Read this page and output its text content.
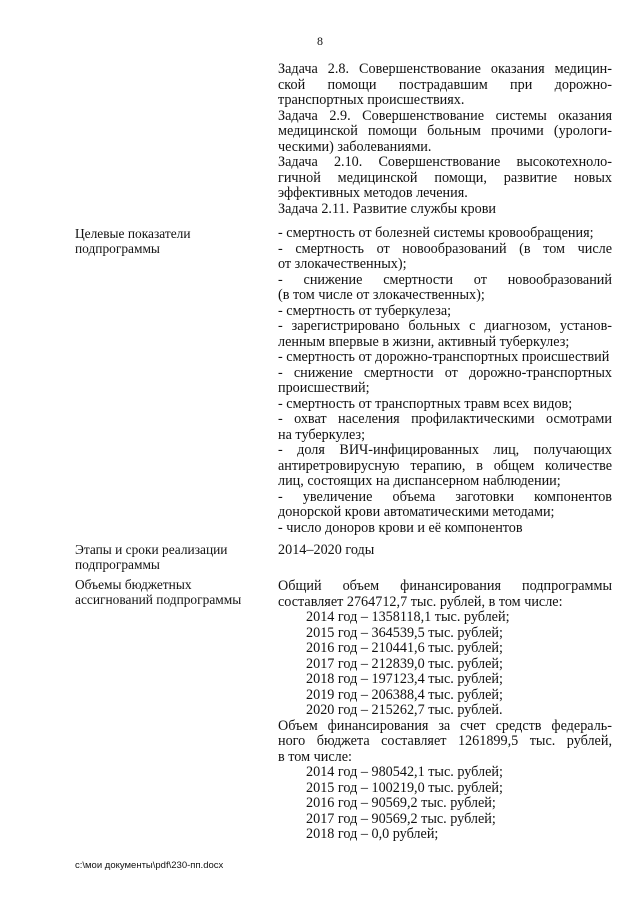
8
Задача 2.8. Совершенствование оказания медицин-
ской помощи пострадавшим при дорожно-
транспортных происшествиях.
Задача 2.9. Совершенствование системы оказания
медицинской помощи больным прочими (урологи-
ческими) заболеваниями.
Задача 2.10. Совершенствование высокотехноло-
гичной медицинской помощи, развитие новых
эффективных методов лечения.
Задача 2.11. Развитие службы крови
Целевые показатели
подпрограммы
- смертность от болезней системы кровообращения;
- смертность от новообразований (в том числе
от злокачественных);
- снижение смертности от новообразований
(в том числе от злокачественных);
- смертность от туберкулеза;
- зарегистрировано больных с диагнозом, установ-
ленным впервые в жизни, активный туберкулез;
- смертность от дорожно-транспортных происшествий
- снижение смертности от дорожно-транспортных
происшествий;
- смертность от транспортных травм всех видов;
- охват населения профилактическими осмотрами
на туберкулез;
- доля ВИЧ-инфицированных лиц, получающих
антиретровирусную терапию, в общем количестве
лиц, состоящих на диспансерном наблюдении;
- увеличение объема заготовки компонентов
донорской крови автоматическими методами;
- число доноров крови и её компонентов
Этапы и сроки реализации
подпрограммы
2014–2020 годы
Объемы бюджетных
ассигнований подпрограммы
Общий объем финансирования подпрограммы
составляет 2764712,7 тыс. рублей, в том числе:
2014 год – 1358118,1 тыс. рублей;
2015 год – 364539,5 тыс. рублей;
2016 год – 210441,6 тыс. рублей;
2017 год – 212839,0 тыс. рублей;
2018 год – 197123,4 тыс. рублей;
2019 год – 206388,4 тыс. рублей;
2020 год – 215262,7 тыс. рублей.
Объем финансирования за счет средств федераль-
ного бюджета составляет 1261899,5 тыс. рублей,
в том числе:
2014 год – 980542,1 тыс. рублей;
2015 год – 100219,0 тыс. рублей;
2016 год – 90569,2 тыс. рублей;
2017 год – 90569,2 тыс. рублей;
2018 год – 0,0 рублей;
c:\мои документы\pdf\230-пп.docx
